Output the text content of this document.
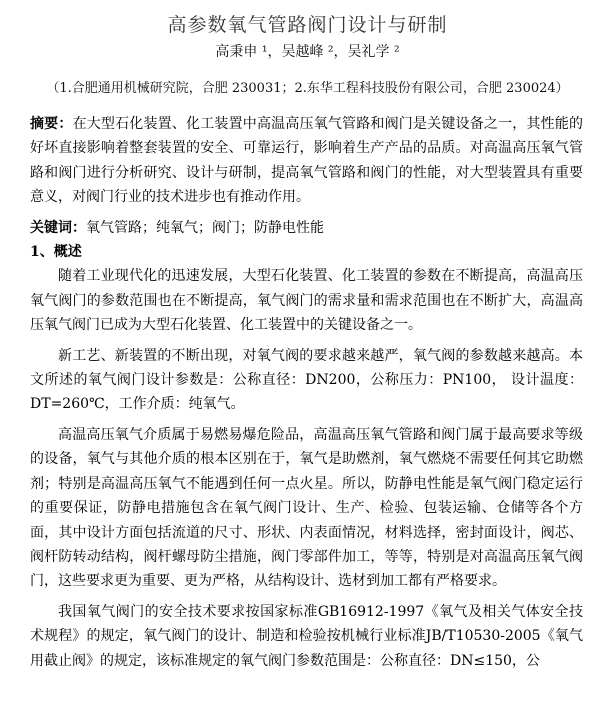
高参数氧气管路阀门设计与研制
高秉申 ¹，吴越峰 ²，吴礼学 ²
（1.合肥通用机械研究院，合肥 230031；2.东华工程科技股份有限公司，合肥 230024）

摘要：在大型石化装置、化工装置中高温高压氧气管路和阀门是关键设备之一，其性能的好坏直接影响着整套装置的安全、可靠运行，影响着生产产品的品质。对高温高压氧气管路和阀门进行分析研究、设计与研制，提高氧气管路和阀门的性能，对大型装置具有重要意义，对阀门行业的技术进步也有推动作用。

关键词：氧气管路；纯氧气；阀门；防静电性能

1、概述

随着工业现代化的迅速发展，大型石化装置、化工装置的参数在不断提高，高温高压氧气阀门的参数范围也在不断提高，氧气阀门的需求量和需求范围也在不断扩大，高温高压氧气阀门已成为大型石化装置、化工装置中的关键设备之一。

新工艺、新装置的不断出现，对氧气阀的要求越来越严，氧气阀的参数越来越高。本文所述的氧气阀门设计参数是：公称直径：DN200，公称压力：PN100， 设计温度：DT=260℃，工作介质：纯氧气。

高温高压氧气介质属于易燃易爆危险品，高温高压氧气管路和阀门属于最高要求等级的设备，氧气与其他介质的根本区别在于，氧气是助燃剂，氧气燃烧不需要任何其它助燃剂；特别是高温高压氧气不能遇到任何一点火星。所以，防静电性能是氧气阀门稳定运行的重要保证，防静电措施包含在氧气阀门设计、生产、检验、包装运输、仓储等各个方面，其中设计方面包括流道的尺寸、形状、内表面情况，材料选择，密封面设计，阀芯、阀杆防转动结构，阀杆螺母防尘措施，阀门零部件加工，等等，特别是对高温高压氧气阀门，这些要求更为重要、更为严格，从结构设计、选材到加工都有严格要求。

我国氧气阀门的安全技术要求按国家标准GB16912-1997《氧气及相关气体安全技术规程》的规定，氧气阀门的设计、制造和检验按机械行业标准JB/T10530-2005《氧气用截止阀》的规定，该标准规定的氧气阀门参数范围是：公称直径：DN≤150，公
